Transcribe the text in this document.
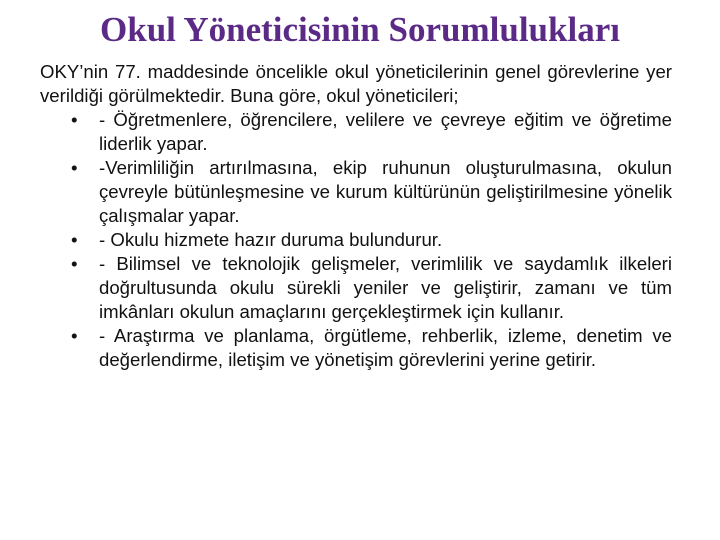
Okul Yöneticisinin Sorumlulukları

OKY’nin 77. maddesinde öncelikle okul yöneticilerinin genel görevlerine yer verildiği görülmektedir. Buna göre, okul yöneticileri;

• - Öğretmenlere, öğrencilere, velilere ve çevreye eğitim ve öğretime liderlik yapar.
• -Verimliliğin artırılmasına, ekip ruhunun oluşturulmasına, okulun çevreyle bütünleşmesine ve kurum kültürünün geliştirilmesine yönelik çalışmalar yapar.
• - Okulu hizmete hazır duruma bulundurur.
• - Bilimsel ve teknolojik gelişmeler, verimlilik ve saydamlık ilkeleri doğrultusunda okulu sürekli yeniler ve geliştirir, zamanı ve tüm imkânları okulun amaçlarını gerçekleştirmek için kullanır.
• - Araştırma ve planlama, örgütleme, rehberlik, izleme, denetim ve değerlendirme, iletişim ve yönetişim görevlerini yerine getirir.
